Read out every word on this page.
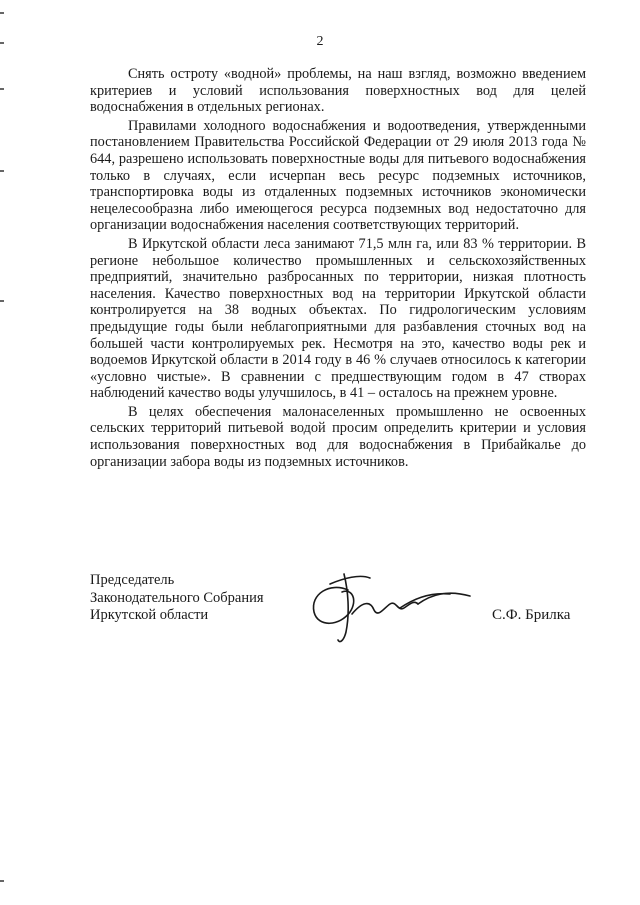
2

Снять остроту «водной» проблемы, на наш взгляд, возможно введением критериев и условий использования поверхностных вод для целей водоснабжения в отдельных регионах.

Правилами холодного водоснабжения и водоотведения, утвержденными постановлением Правительства Российской Федерации от 29 июля 2013 года № 644, разрешено использовать поверхностные воды для питьевого водоснабжения только в случаях, если исчерпан весь ресурс подземных источников, транспортировка воды из отдаленных подземных источников экономически нецелесообразна либо имеющегося ресурса подземных вод недостаточно для организации водоснабжения населения соответствующих территорий.

В Иркутской области леса занимают 71,5 млн га, или 83 % территории. В регионе небольшое количество промышленных и сельскохозяйственных предприятий, значительно разбросанных по территории, низкая плотность населения. Качество поверхностных вод на территории Иркутской области контролируется на 38 водных объектах. По гидрологическим условиям предыдущие годы были неблагоприятными для разбавления сточных вод на большей части контролируемых рек. Несмотря на это, качество воды рек и водоемов Иркутской области в 2014 году в 46 % случаев относилось к категории «условно чистые». В сравнении с предшествующим годом в 47 створах наблюдений качество воды улучшилось, в 41 – осталось на прежнем уровне.

В целях обеспечения малонаселенных промышленно не освоенных сельских территорий питьевой водой просим определить критерии и условия использования поверхностных вод для водоснабжения в Прибайкалье до организации забора воды из подземных источников.

Председатель
Законодательного Собрания
Иркутской области	С.Ф. Брилка
